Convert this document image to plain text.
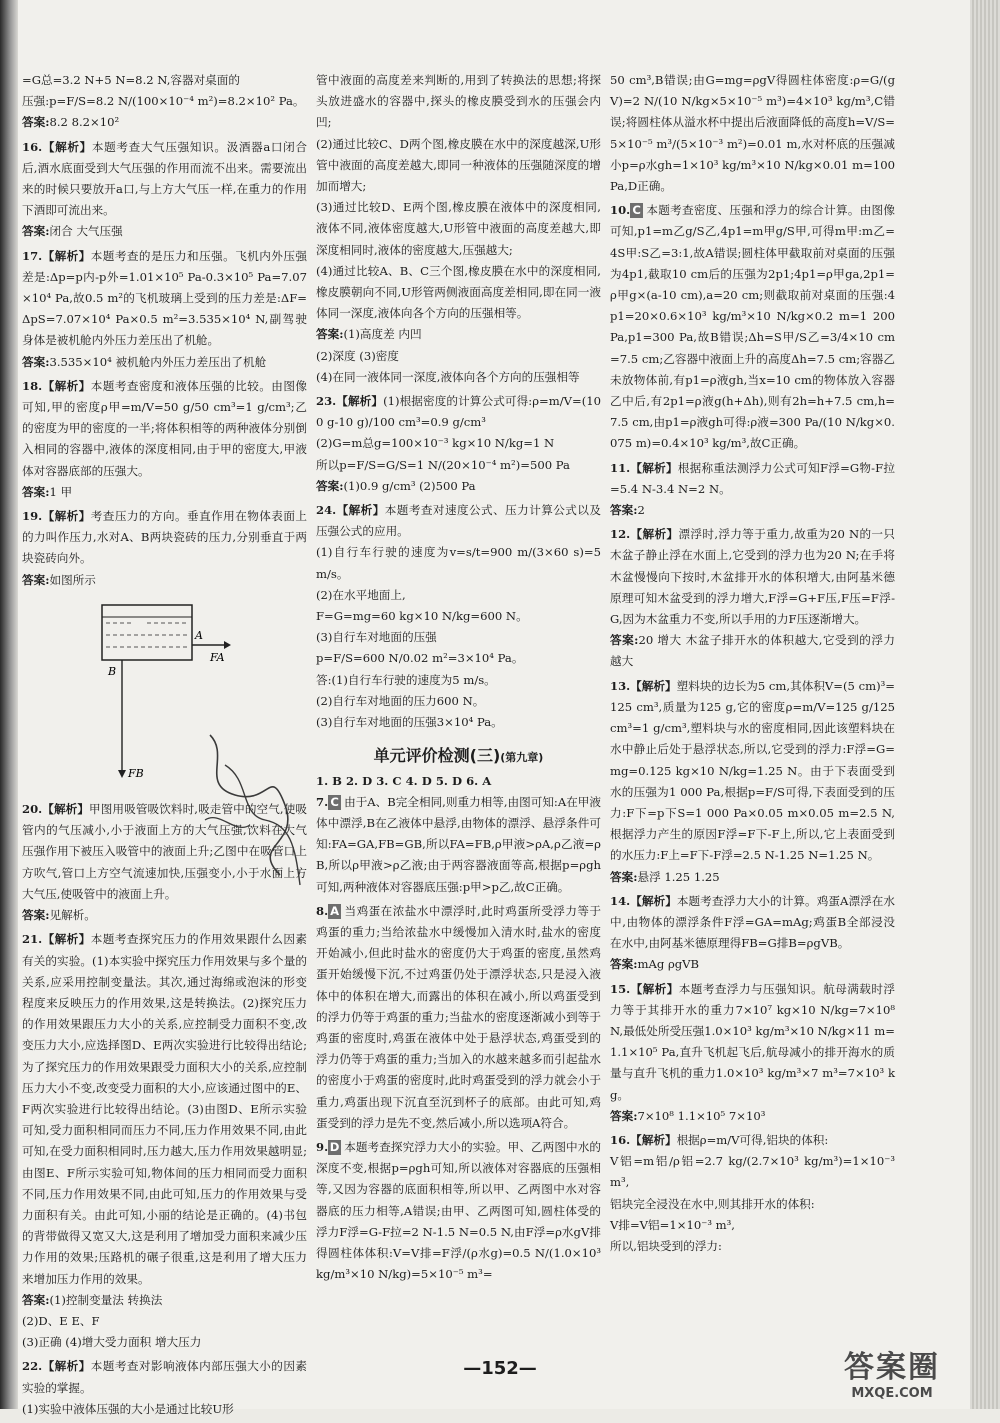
=G总=3.2 N+5 N=8.2 N,容器对桌面的

压强:p=F/S=8.2 N/(100×10⁻⁴ m²)=8.2×10² Pa。

答案:8.2 8.2×10²

16.【解析】本题考查大气压强知识。汲酒器a口闭合后,酒水底面受到大气压强的作用而流不出来。需要流出来的时候只要放开a口,与上方大气压一样,在重力的作用下酒即可流出来。

答案:闭合 大气压强

17.【解析】本题考查的是压力和压强。飞机内外压强差是:Δp=p内-p外=1.01×10⁵ Pa-0.3×10⁵ Pa=7.07×10⁴ Pa,故0.5 m²的飞机玻璃上受到的压力差是:ΔF=ΔpS=7.07×10⁴ Pa×0.5 m²=3.535×10⁴ N,副驾驶身体是被机舱内外压力差压出了机舱。

答案:3.535×10⁴ 被机舱内外压力差压出了机舱

18.【解析】本题考查密度和液体压强的比较。由图像可知,甲的密度ρ甲=m/V=50 g/50 cm³=1 g/cm³;乙的密度为甲的密度的一半;将体积相等的两种液体分别倒入相同的容器中,液体的深度相同,由于甲的密度大,甲液体对容器底部的压强大。

答案:1 甲

19.【解析】考查压力的方向。垂直作用在物体表面上的力叫作压力,水对A、B两块瓷砖的压力,分别垂直于两块瓷砖向外。

答案:如图所示

A
FA
B
FB

20.【解析】甲图用吸管吸饮料时,吸走管中的空气,使吸管内的气压减小,小于液面上方的大气压强,饮料在大气压强作用下被压入吸管中的液面上升;乙图中在吸管口上方吹气,管口上方空气流速加快,压强变小,小于水面上方大气压,使吸管中的液面上升。

答案:见解析。

21.【解析】本题考查探究压力的作用效果跟什么因素有关的实验。(1)本实验中探究压力作用效果与多个量的关系,应采用控制变量法。其次,通过海绵或泡沫的形变程度来反映压力的作用效果,这是转换法。(2)探究压力的作用效果跟压力大小的关系,应控制受力面积不变,改变压力大小,应选择图D、E两次实验进行比较得出结论;为了探究压力的作用效果跟受力面积大小的关系,应控制压力大小不变,改变受力面积的大小,应该通过图中的E、F两次实验进行比较得出结论。(3)由图D、E所示实验可知,受力面积相同而压力不同,压力作用效果不同,由此可知,在受力面积相同时,压力越大,压力作用效果越明显;由图E、F所示实验可知,物体间的压力相同而受力面积不同,压力作用效果不同,由此可知,压力的作用效果与受力面积有关。由此可知,小丽的结论是正确的。(4)书包的背带做得又宽又大,这是利用了增加受力面积来减少压力作用的效果;压路机的碾子很重,这是利用了增大压力来增加压力作用的效果。

答案:(1)控制变量法 转换法

(2)D、E E、F

(3)正确 (4)增大受力面积 增大压力

22.【解析】本题考查对影响液体内部压强大小的因素实验的掌握。

(1)实验中液体压强的大小是通过比较U形

管中液面的高度差来判断的,用到了转换法的思想;将探头放进盛水的容器中,探头的橡皮膜受到水的压强会内凹;

(2)通过比较C、D两个图,橡皮膜在水中的深度越深,U形管中液面的高度差越大,即同一种液体的压强随深度的增加而增大;

(3)通过比较D、E两个图,橡皮膜在液体中的深度相同,液体不同,液体密度越大,U形管中液面的高度差越大,即深度相同时,液体的密度越大,压强越大;

(4)通过比较A、B、C三个图,橡皮膜在水中的深度相同,橡皮膜朝向不同,U形管两侧液面高度差相同,即在同一液体同一深度,液体向各个方向的压强相等。

答案:(1)高度差 内凹

(2)深度 (3)密度

(4)在同一液体同一深度,液体向各个方向的压强相等

23.【解析】(1)根据密度的计算公式可得:ρ=m/V=(100 g-10 g)/100 cm³=0.9 g/cm³

(2)G=m总g=100×10⁻³ kg×10 N/kg=1 N

所以p=F/S=G/S=1 N/(20×10⁻⁴ m²)=500 Pa

答案:(1)0.9 g/cm³ (2)500 Pa

24.【解析】本题考查对速度公式、压力计算公式以及压强公式的应用。

(1)自行车行驶的速度为v=s/t=900 m/(3×60 s)=5 m/s。

(2)在水平地面上,

F=G=mg=60 kg×10 N/kg=600 N。

(3)自行车对地面的压强

p=F/S=600 N/0.02 m²=3×10⁴ Pa。

答:(1)自行车行驶的速度为5 m/s。

(2)自行车对地面的压力600 N。

(3)自行车对地面的压强3×10⁴ Pa。

单元评价检测(三)(第九章)
1. B 2. D 3. C 4. D 5. D 6. A

7. C 由于A、B完全相同,则重力相等,由图可知:A在甲液体中漂浮,B在乙液体中悬浮,由物体的漂浮、悬浮条件可知:FA=GA,FB=GB,所以FA=FB,ρ甲液>ρA,ρ乙液=ρB,所以ρ甲液>ρ乙液;由于两容器液面等高,根据p=ρgh可知,两种液体对容器底压强:p甲>p乙,故C正确。

8. A 当鸡蛋在浓盐水中漂浮时,此时鸡蛋所受浮力等于鸡蛋的重力;当给浓盐水中缓慢加入清水时,盐水的密度开始减小,但此时盐水的密度仍大于鸡蛋的密度,虽然鸡蛋开始缓慢下沉,不过鸡蛋仍处于漂浮状态,只是浸入液体中的体积在增大,而露出的体积在减小,所以鸡蛋受到的浮力仍等于鸡蛋的重力;当盐水的密度逐渐减小到等于鸡蛋的密度时,鸡蛋在液体中处于悬浮状态,鸡蛋受到的浮力仍等于鸡蛋的重力;当加入的水越来越多而引起盐水的密度小于鸡蛋的密度时,此时鸡蛋受到的浮力就会小于重力,鸡蛋出现下沉直至沉到杯子的底部。由此可知,鸡蛋受到的浮力是先不变,然后减小,所以选项A符合。

9. D 本题考查探究浮力大小的实验。甲、乙两图中水的深度不变,根据p=ρgh可知,所以液体对容器底的压强相等,又因为容器的底面积相等,所以甲、乙两图中水对容器底的压力相等,A错误;由甲、乙两图可知,圆柱体受的浮力F浮=G-F拉=2 N-1.5 N=0.5 N,由F浮=ρ水gV排得圆柱体体积:V=V排=F浮/(ρ水g)=0.5 N/(1.0×10³ kg/m³×10 N/kg)=5×10⁻⁵ m³=

50 cm³,B错误;由G=mg=ρgV得圆柱体密度:ρ=G/(gV)=2 N/(10 N/kg×5×10⁻⁵ m³)=4×10³ kg/m³,C错误;将圆柱体从溢水杯中提出后液面降低的高度h=V/S=5×10⁻⁵ m³/(5×10⁻³ m²)=0.01 m,水对杯底的压强减小p=ρ水gh=1×10³ kg/m³×10 N/kg×0.01 m=100 Pa,D正确。

10. C 本题考查密度、压强和浮力的综合计算。由图像可知,p1=m乙g/S乙,4p1=m甲g/S甲,可得m甲:m乙=4S甲:S乙=3:1,故A错误;圆柱体甲截取前对桌面的压强为4p1,截取10 cm后的压强为2p1;4p1=ρ甲ga,2p1=ρ甲g×(a-10 cm),a=20 cm;则截取前对桌面的压强:4p1=20×0.6×10³ kg/m³×10 N/kg×0.2 m=1 200 Pa,p1=300 Pa,故B错误;Δh=S甲/S乙=3/4×10 cm=7.5 cm;乙容器中液面上升的高度Δh=7.5 cm;容器乙未放物体前,有p1=ρ液gh,当x=10 cm的物体放入容器乙中后,有2p1=ρ液g(h+Δh),则有2h=h+7.5 cm,h=7.5 cm,由p1=ρ液gh可得:ρ液=300 Pa/(10 N/kg×0.075 m)=0.4×10³ kg/m³,故C正确。

11.【解析】根据称重法测浮力公式可知F浮=G物-F拉=5.4 N-3.4 N=2 N。

答案:2

12.【解析】漂浮时,浮力等于重力,故重为20 N的一只木盆子静止浮在水面上,它受到的浮力也为20 N;在手将木盆慢慢向下按时,木盆排开水的体积增大,由阿基米德原理可知木盆受到的浮力增大,F浮=G+F压,F压=F浮-G,因为木盆重力不变,所以手用的力F压逐渐增大。

答案:20 增大 木盆子排开水的体积越大,它受到的浮力越大

13.【解析】塑料块的边长为5 cm,其体积V=(5 cm)³=125 cm³,质量为125 g,它的密度ρ=m/V=125 g/125 cm³=1 g/cm³,塑料块与水的密度相同,因此该塑料块在水中静止后处于悬浮状态,所以,它受到的浮力:F浮=G=mg=0.125 kg×10 N/kg=1.25 N。由于下表面受到水的压强为1 000 Pa,根据p=F/S可得,下表面受到的压力:F下=p下S=1 000 Pa×0.05 m×0.05 m=2.5 N,根据浮力产生的原因F浮=F下-F上,所以,它上表面受到的水压力:F上=F下-F浮=2.5 N-1.25 N=1.25 N。

答案:悬浮 1.25 1.25

14.【解析】本题考查浮力大小的计算。鸡蛋A漂浮在水中,由物体的漂浮条件F浮=GA=mAg;鸡蛋B全部浸没在水中,由阿基米德原理得FB=G排B=ρgVB。

答案:mAg ρgVB

15.【解析】本题考查浮力与压强知识。航母满载时浮力等于其排开水的重力7×10⁷ kg×10 N/kg=7×10⁸ N,最低处所受压强1.0×10³ kg/m³×10 N/kg×11 m=1.1×10⁵ Pa,直升飞机起飞后,航母减小的排开海水的质量与直升飞机的重力1.0×10³ kg/m³×7 m³=7×10³ kg。

答案:7×10⁸ 1.1×10⁵ 7×10³

16.【解析】根据ρ=m/V可得,铝块的体积:

V铝=m铝/ρ铝=2.7 kg/(2.7×10³ kg/m³)=1×10⁻³ m³,

铝块完全浸没在水中,则其排开水的体积:

V排=V铝=1×10⁻³ m³,

所以,铝块受到的浮力:

—152—	答案圈
MXQE.COM
